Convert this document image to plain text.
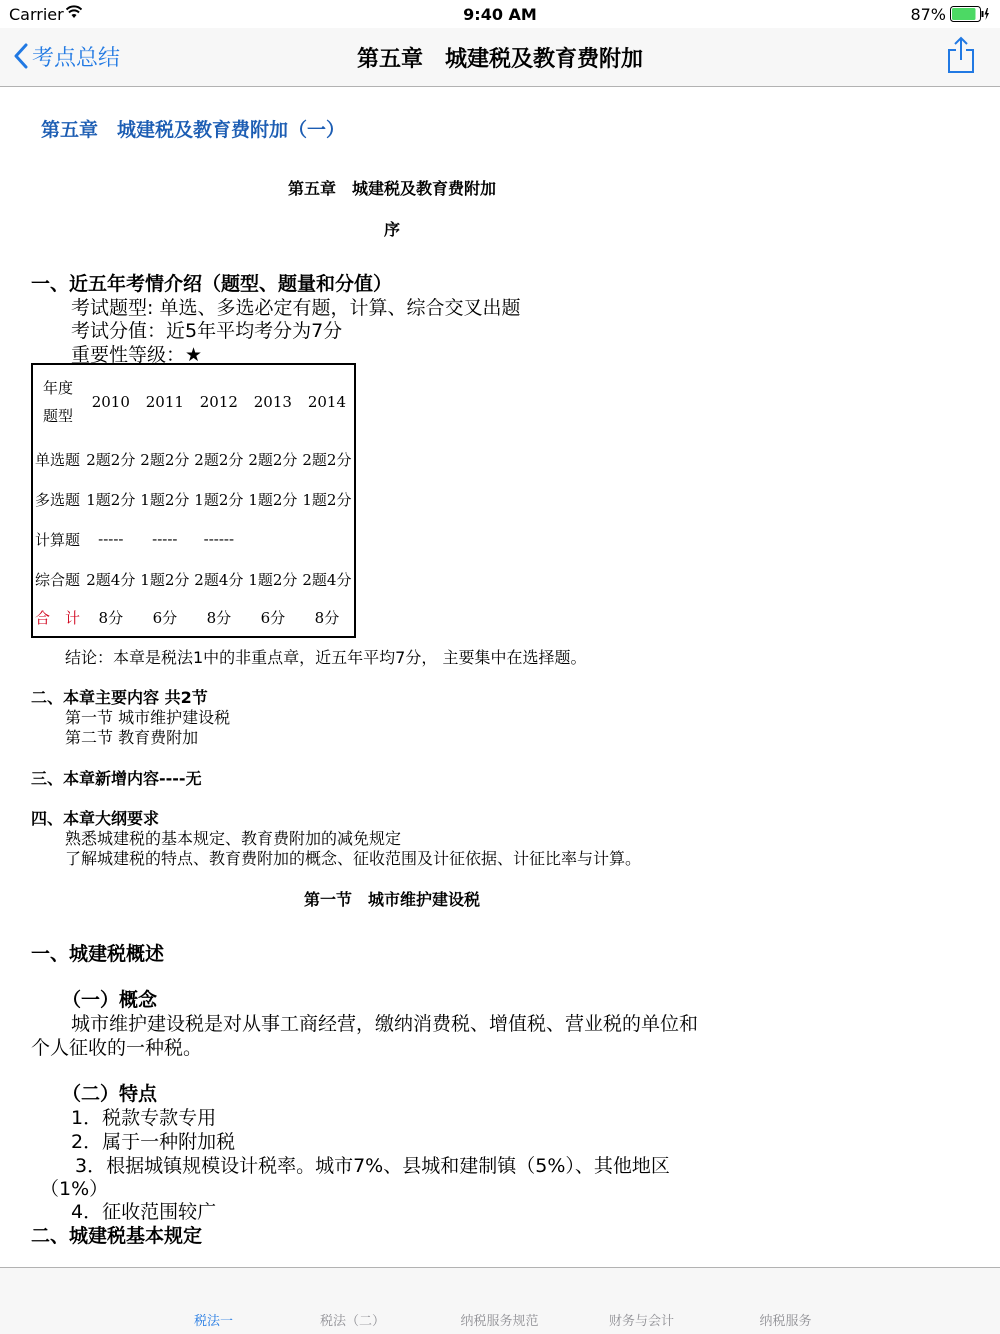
Carrier	9:40 AM	87%
考点总结	第五章　城建税及教育费附加
第五章　城建税及教育费附加（一）
第五章　城建税及教育费附加
序
一、近五年考情介绍（题型、题量和分值）
考试题型: 单选、多选必定有题，计算、综合交叉出题
考试分值：近5年平均考分为7分
重要性等级：★
年度
题型	2010	2011	2012	2013	2014
单选题	2题2分	2题2分	2题2分	2题2分	2题2分
多选题	1题2分	1题2分	1题2分	1题2分	1题2分
计算题	-----	-----	------		
综合题	2题4分	1题2分	2题4分	1题2分	2题4分
合　计	8分	6分	8分	6分	8分
结论：本章是税法1中的非重点章，近五年平均7分， 主要集中在选择题。
二、本章主要内容 共2节
第一节 城市维护建设税
第二节 教育费附加
三、本章新增内容----无
四、本章大纲要求
熟悉城建税的基本规定、教育费附加的减免规定
了解城建税的特点、教育费附加的概念、征收范围及计征依据、计征比率与计算。
第一节　城市维护建设税
一、城建税概述
（一）概念
城市维护建设税是对从事工商经营，缴纳消费税、增值税、营业税的单位和
个人征收的一种税。
（二）特点
1．税款专款专用
2．属于一种附加税
3．根据城镇规模设计税率。城市7%、县城和建制镇（5%）、其他地区
（1%）
4．征收范围较广
二、城建税基本规定
税法一	税法（二）	纳税服务规范	财务与会计	纳税服务
